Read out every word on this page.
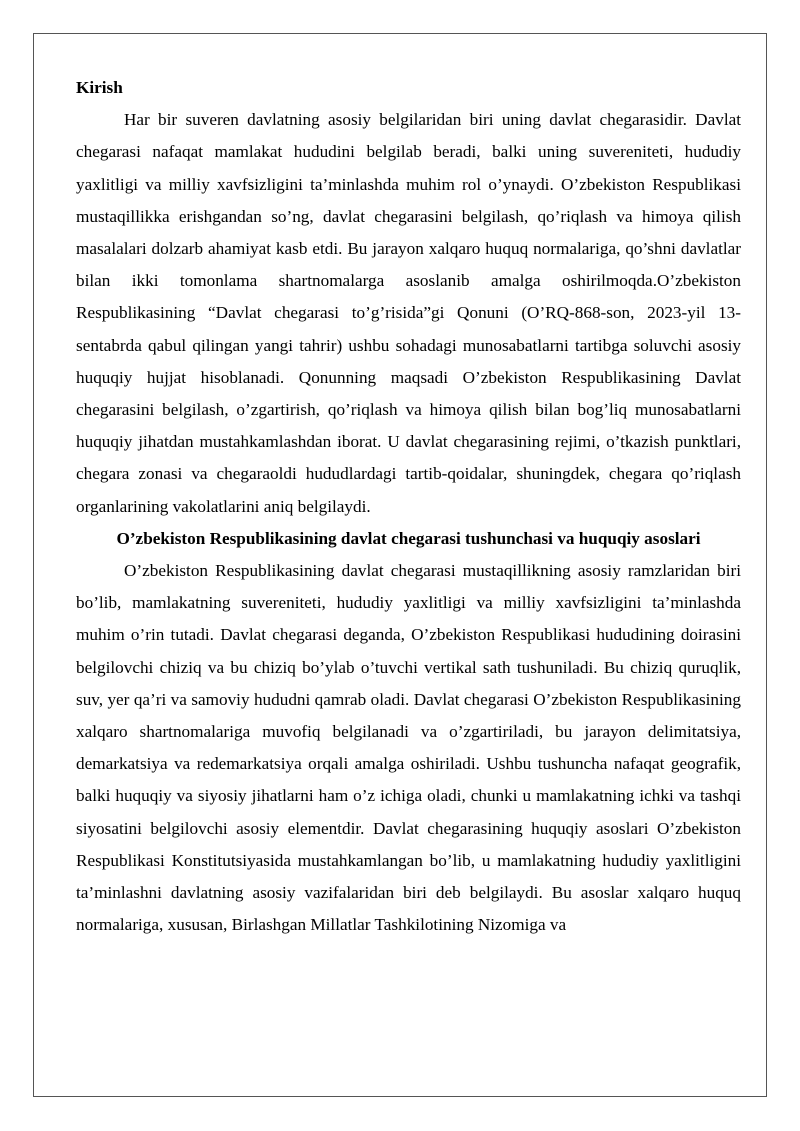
Kirish

Har bir suveren davlatning asosiy belgilaridan biri uning davlat chegarasidir. Davlat chegarasi nafaqat mamlakat hududini belgilab beradi, balki uning suvereniteti, hududiy yaxlitligi va milliy xavfsizligini ta’minlashda muhim rol o’ynaydi. O’zbekiston Respublikasi mustaqillikka erishgandan so’ng, davlat chegarasini belgilash, qo’riqlash va himoya qilish masalalari dolzarb ahamiyat kasb etdi. Bu jarayon xalqaro huquq normalariga, qo’shni davlatlar bilan ikki tomonlama shartnomalarga asoslanib amalga oshirilmoqda.O’zbekiston Respublikasining “Davlat chegarasi to’g’risida”gi Qonuni (O’RQ-868-son, 2023-yil 13-sentabrda qabul qilingan yangi tahrir) ushbu sohadagi munosabatlarni tartibga soluvchi asosiy huquqiy hujjat hisoblanadi. Qonunning maqsadi O’zbekiston Respublikasining Davlat chegarasini belgilash, o’zgartirish, qo’riqlash va himoya qilish bilan bog’liq munosabatlarni huquqiy jihatdan mustahkamlashdan iborat. U davlat chegarasining rejimi, o’tkazish punktlari, chegara zonasi va chegaraoldi hududlardagi tartib-qoidalar, shuningdek, chegara qo’riqlash organlarining vakolatlarini aniq belgilaydi.

O’zbekiston Respublikasining davlat chegarasi tushunchasi va huquqiy asoslari

O’zbekiston Respublikasining davlat chegarasi mustaqillikning asosiy ramzlaridan biri bo’lib, mamlakatning suvereniteti, hududiy yaxlitligi va milliy xavfsizligini ta’minlashda muhim o’rin tutadi. Davlat chegarasi deganda, O’zbekiston Respublikasi hududining doirasini belgilovchi chiziq va bu chiziq bo’ylab o’tuvchi vertikal sath tushuniladi. Bu chiziq quruqlik, suv, yer qa’ri va samoviy hududni qamrab oladi. Davlat chegarasi O’zbekiston Respublikasining xalqaro shartnomalariga muvofiq belgilanadi va o’zgartiriladi, bu jarayon delimitatsiya, demarkatsiya va redemarkatsiya orqali amalga oshiriladi. Ushbu tushuncha nafaqat geografik, balki huquqiy va siyosiy jihatlarni ham o’z ichiga oladi, chunki u mamlakatning ichki va tashqi siyosatini belgilovchi asosiy elementdir. Davlat chegarasining huquqiy asoslari O’zbekiston Respublikasi Konstitutsiyasida mustahkamlangan bo’lib, u mamlakatning hududiy yaxlitligini ta’minlashni davlatning asosiy vazifalaridan biri deb belgilaydi. Bu asoslar xalqaro huquq normalariga, xususan, Birlashgan Millatlar Tashkilotining Nizomiga va
